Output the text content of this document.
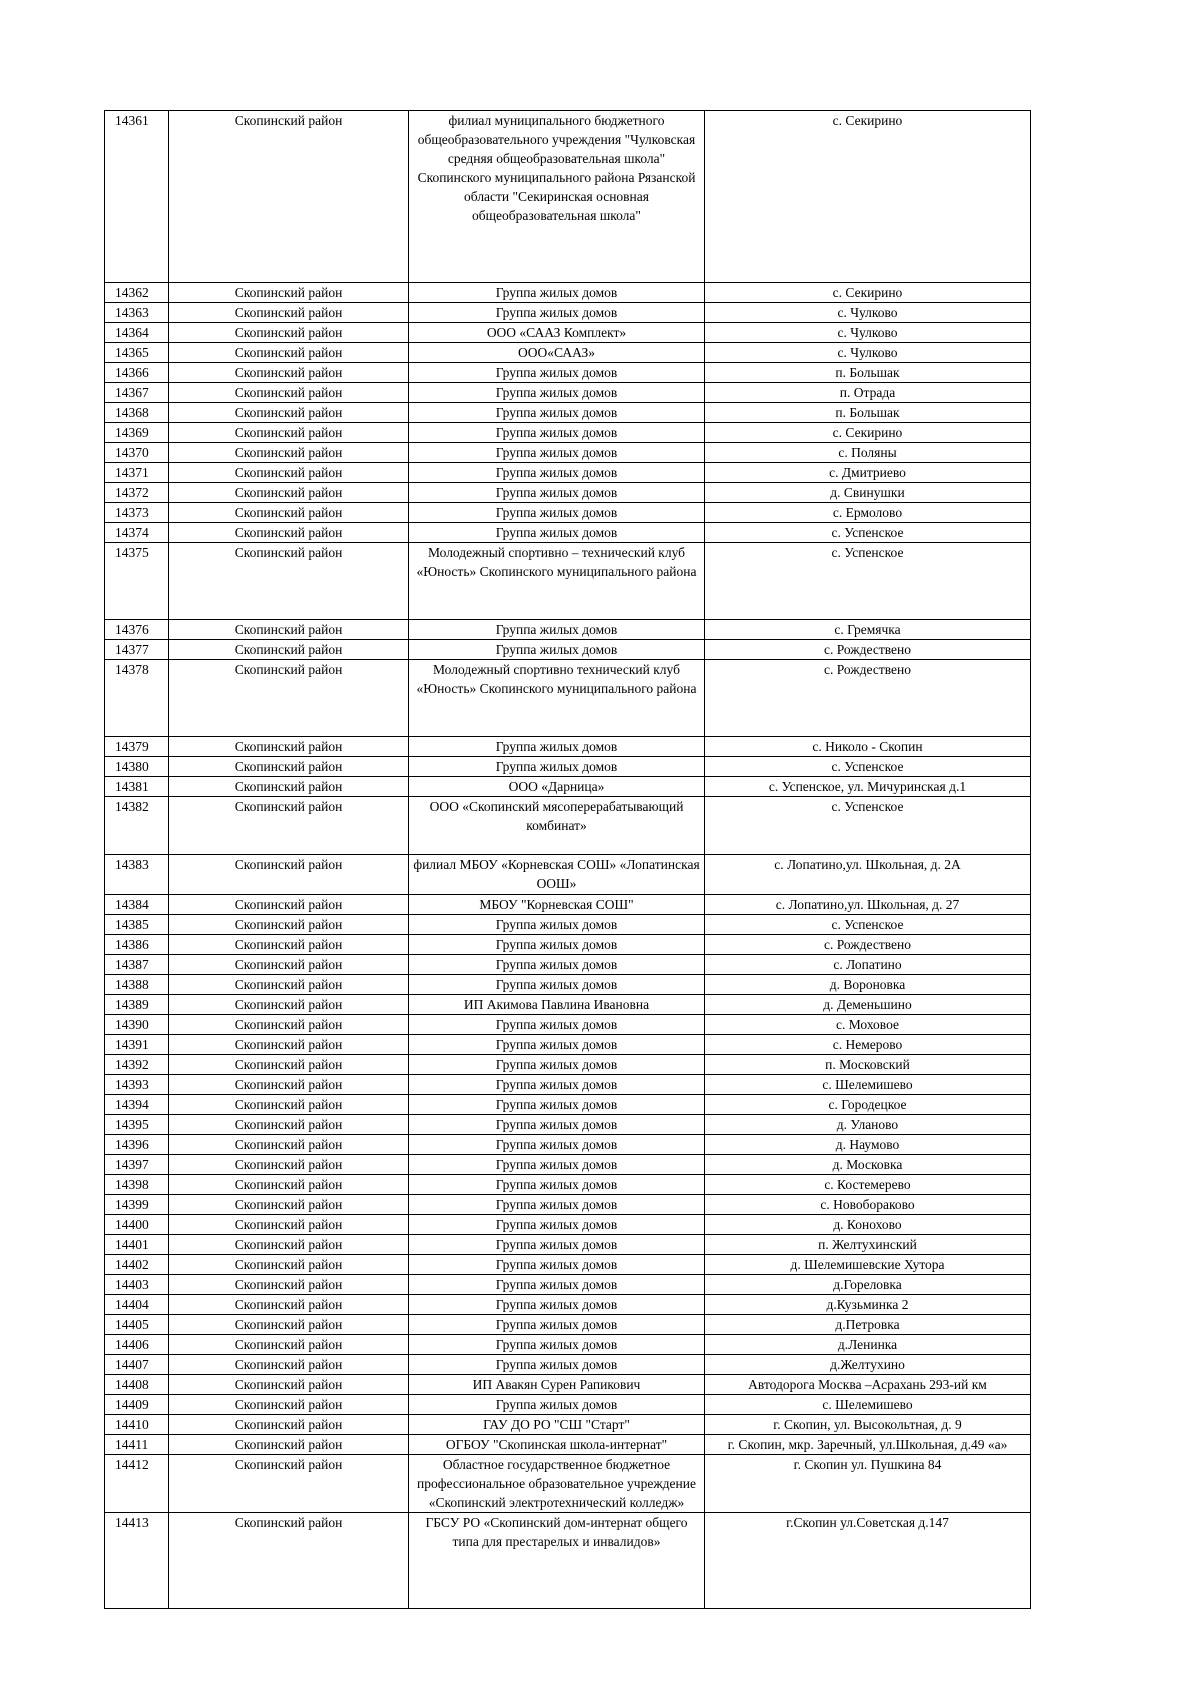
14361	Скопинский район	филиал муниципального бюджетного общеобразовательного учреждения "Чулковская средняя общеобразовательная школа" Скопинского муниципального района Рязанской области "Секиринская основная общеобразовательная школа"	с. Секирино
14362	Скопинский район	Группа жилых домов	с. Секирино
14363	Скопинский район	Группа жилых домов	с. Чулково
14364	Скопинский район	ООО «СААЗ Комплект»	с. Чулково
14365	Скопинский район	ООО«СААЗ»	с. Чулково
14366	Скопинский район	Группа жилых домов	п. Большак
14367	Скопинский район	Группа жилых домов	п. Отрада
14368	Скопинский район	Группа жилых домов	п. Большак
14369	Скопинский район	Группа жилых домов	с. Секирино
14370	Скопинский район	Группа жилых домов	с. Поляны
14371	Скопинский район	Группа жилых домов	с. Дмитриево
14372	Скопинский район	Группа жилых домов	д. Свинушки
14373	Скопинский район	Группа жилых домов	с. Ермолово
14374	Скопинский район	Группа жилых домов	с. Успенское
14375	Скопинский район	Молодежный спортивно – технический клуб «Юность» Скопинского муниципального района	с. Успенское
14376	Скопинский район	Группа жилых домов	с. Гремячка
14377	Скопинский район	Группа жилых домов	с. Рождествено
14378	Скопинский район	Молодежный спортивно технический клуб «Юность» Скопинского муниципального района	с. Рождествено
14379	Скопинский район	Группа жилых домов	с. Николо - Скопин
14380	Скопинский район	Группа жилых домов	с. Успенское
14381	Скопинский район	ООО «Дарница»	с. Успенское, ул. Мичуринская д.1
14382	Скопинский район	ООО «Скопинский мясоперерабатывающий комбинат»	с. Успенское
14383	Скопинский район	филиал МБОУ «Корневская СОШ» «Лопатинская ООШ»	с. Лопатино,ул. Школьная, д. 2А
14384	Скопинский район	МБОУ "Корневская СОШ"	с. Лопатино,ул. Школьная, д. 27
14385	Скопинский район	Группа жилых домов	с. Успенское
14386	Скопинский район	Группа жилых домов	с. Рождествено
14387	Скопинский район	Группа жилых домов	с. Лопатино
14388	Скопинский район	Группа жилых домов	д. Вороновка
14389	Скопинский район	ИП Акимова Павлина Ивановна	д. Деменьшино
14390	Скопинский район	Группа жилых домов	с. Моховое
14391	Скопинский район	Группа жилых домов	с. Немерово
14392	Скопинский район	Группа жилых домов	п. Московский
14393	Скопинский район	Группа жилых домов	с. Шелемишево
14394	Скопинский район	Группа жилых домов	с. Городецкое
14395	Скопинский район	Группа жилых домов	д. Уланово
14396	Скопинский район	Группа жилых домов	д. Наумово
14397	Скопинский район	Группа жилых домов	д. Московка
14398	Скопинский район	Группа жилых домов	с. Костемерево
14399	Скопинский район	Группа жилых домов	с. Новобораково
14400	Скопинский район	Группа жилых домов	д. Конохово
14401	Скопинский район	Группа жилых домов	п. Желтухинский
14402	Скопинский район	Группа жилых домов	д. Шелемишевские Хутора
14403	Скопинский район	Группа жилых домов	д.Гореловка
14404	Скопинский район	Группа жилых домов	д.Кузьминка 2
14405	Скопинский район	Группа жилых домов	д.Петровка
14406	Скопинский район	Группа жилых домов	д.Ленинка
14407	Скопинский район	Группа жилых домов	д.Желтухино
14408	Скопинский район	ИП Авакян Сурен Рапикович	Автодорога Москва –Асрахань 293-ий км
14409	Скопинский район	Группа жилых домов	с. Шелемишево
14410	Скопинский район	ГАУ ДО РО "СШ "Старт"	г. Скопин, ул. Высокольтная, д. 9
14411	Скопинский район	ОГБОУ "Скопинская школа-интернат"	г. Скопин, мкр. Заречный, ул.Школьная, д.49 «а»
14412	Скопинский район	Областное государственное бюджетное профессиональное образовательное учреждение «Скопинский электротехнический колледж»	г. Скопин ул. Пушкина 84
14413	Скопинский район	ГБСУ РО «Скопинский дом-интернат общего типа для престарелых и инвалидов»	г.Скопин ул.Советская д.147
